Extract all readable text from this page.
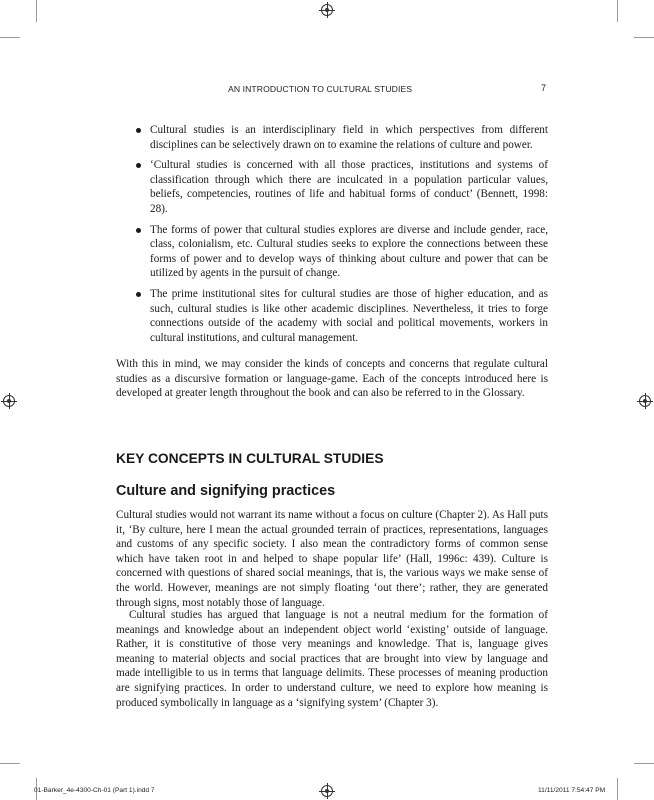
AN INTRODUCTION TO CULTURAL STUDIES	7
Cultural studies is an interdisciplinary field in which perspectives from different disciplines can be selectively drawn on to examine the relations of culture and power.
‘Cultural studies is concerned with all those practices, institutions and systems of classification through which there are inculcated in a population particular values, beliefs, competencies, routines of life and habitual forms of conduct’ (Bennett, 1998: 28).
The forms of power that cultural studies explores are diverse and include gender, race, class, colonialism, etc. Cultural studies seeks to explore the connections between these forms of power and to develop ways of thinking about culture and power that can be utilized by agents in the pursuit of change.
The prime institutional sites for cultural studies are those of higher education, and as such, cultural studies is like other academic disciplines. Nevertheless, it tries to forge connections outside of the academy with social and political movements, workers in cultural institutions, and cultural management.

With this in mind, we may consider the kinds of concepts and concerns that regulate cultural studies as a discursive formation or language-game. Each of the concepts introduced here is developed at greater length throughout the book and can also be referred to in the Glossary.

KEY CONCEPTS IN CULTURAL STUDIES
Culture and signifying practices

Cultural studies would not warrant its name without a focus on culture (Chapter 2). As Hall puts it, ‘By culture, here I mean the actual grounded terrain of practices, representations, languages and customs of any specific society. I also mean the contradictory forms of common sense which have taken root in and helped to shape popular life’ (Hall, 1996c: 439). Culture is concerned with questions of shared social meanings, that is, the various ways we make sense of the world. However, meanings are not simply floating ‘out there’; rather, they are generated through signs, most notably those of language.

Cultural studies has argued that language is not a neutral medium for the formation of meanings and knowledge about an independent object world ‘existing’ outside of language. Rather, it is constitutive of those very meanings and knowledge. That is, language gives meaning to material objects and social practices that are brought into view by language and made intelligible to us in terms that language delimits. These processes of meaning production are signifying practices. In order to understand culture, we need to explore how meaning is produced symbolically in language as a ‘signifying system’ (Chapter 3).

01-Barker_4e-4300-Ch-01 (Part 1).indd 7	11/11/2011 7:54:47 PM
